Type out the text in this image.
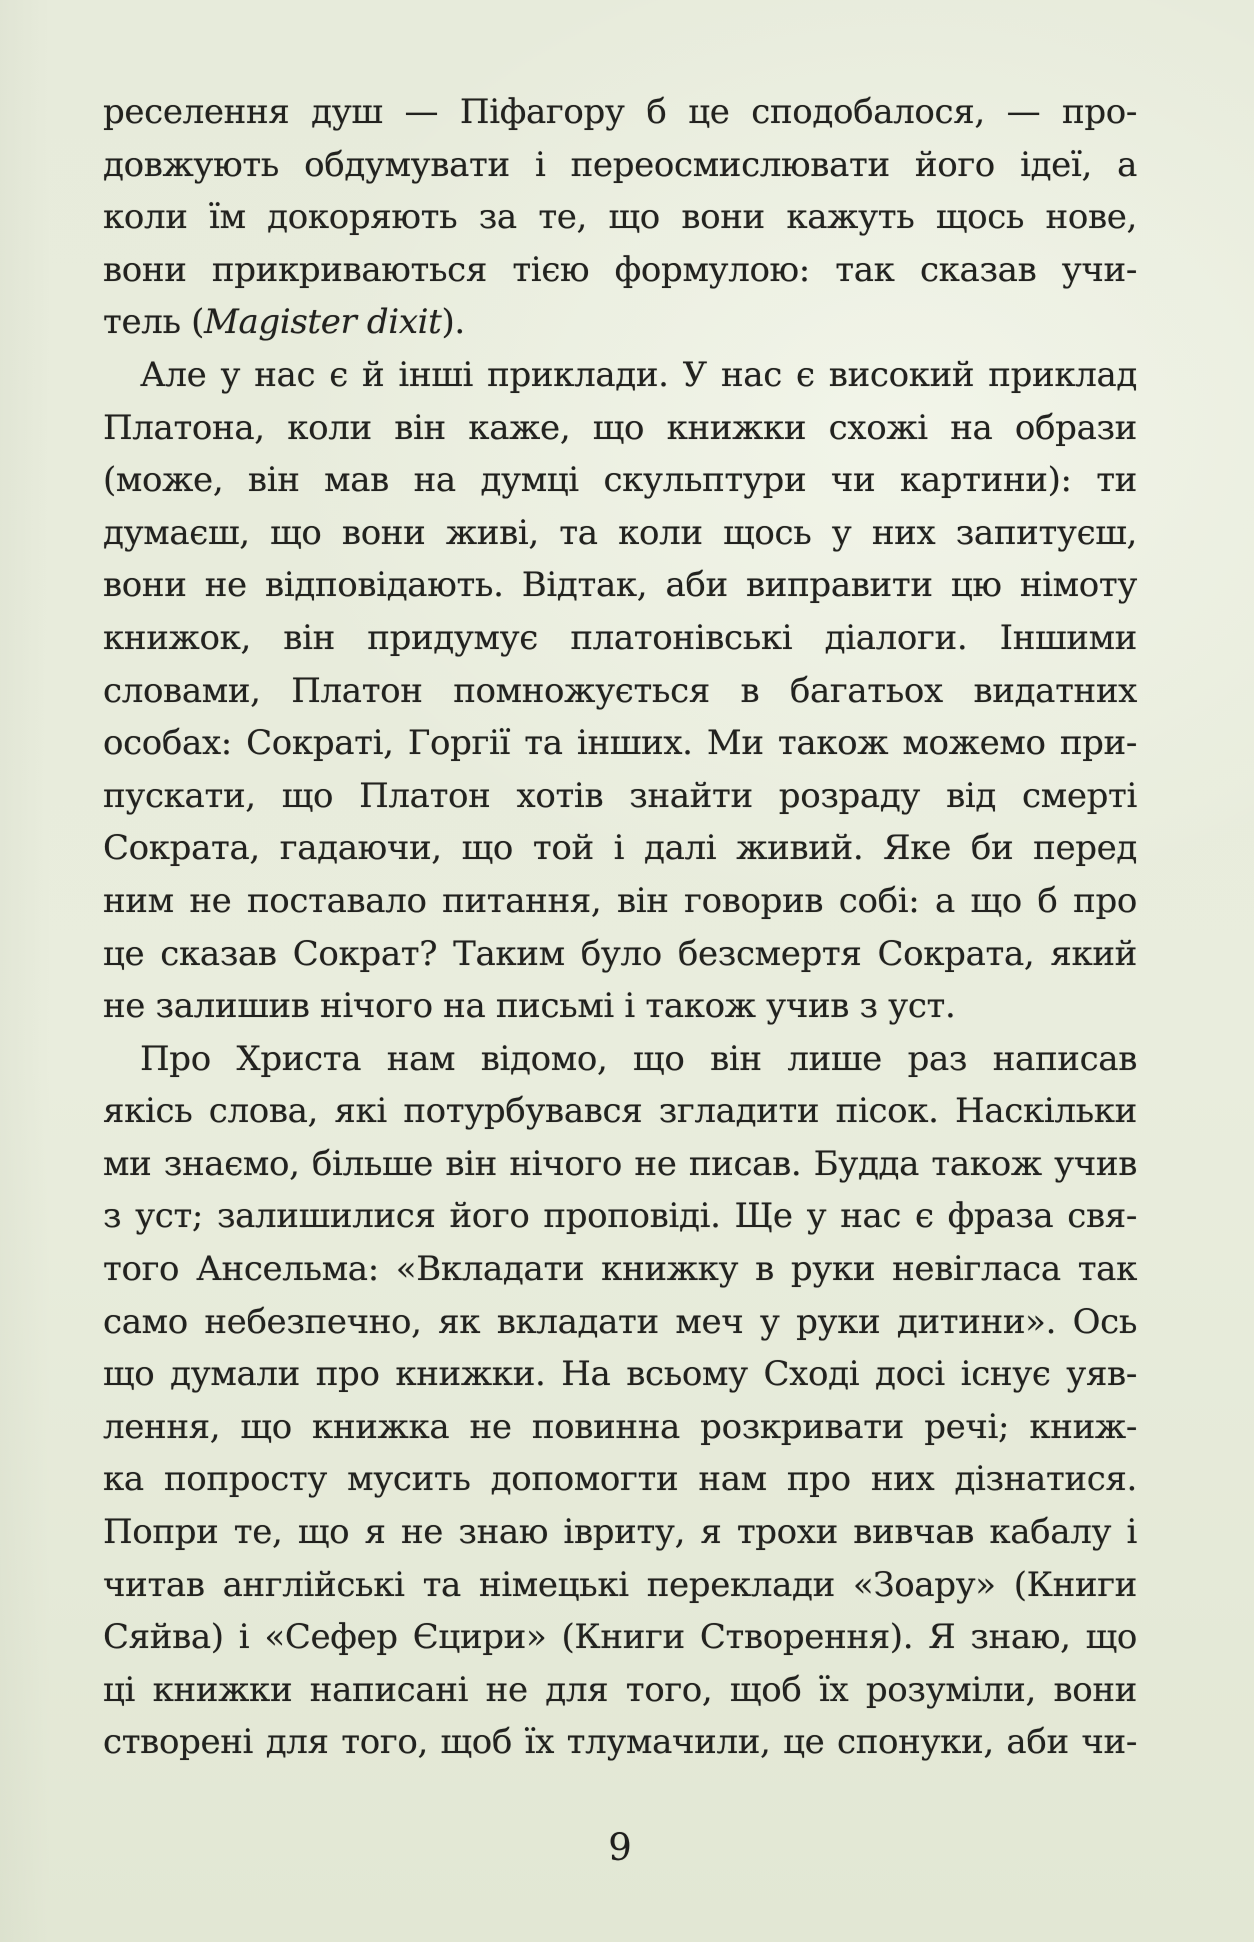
реселення душ — Піфагору б це сподобалося, — про-
довжують обдумувати і переосмислювати його ідеї, а
коли їм докоряють за те, що вони кажуть щось нове,
вони прикриваються тією формулою: так сказав учи-
тель (Magister dixit).
Але у нас є й інші приклади. У нас є високий приклад
Платона, коли він каже, що книжки схожі на образи
(може, він мав на думці скульптури чи картини): ти
думаєш, що вони живі, та коли щось у них запитуєш,
вони не відповідають. Відтак, аби виправити цю німоту
книжок, він придумує платонівські діалоги. Іншими
словами, Платон помножується в багатьох видатних
особах: Сократі, Горгії та інших. Ми також можемо при-
пускати, що Платон хотів знайти розраду від смерті
Сократа, гадаючи, що той і далі живий. Яке би перед
ним не поставало питання, він говорив собі: а що б про
це сказав Сократ? Таким було безсмертя Сократа, який
не залишив нічого на письмі і також учив з уст.
Про Христа нам відомо, що він лише раз написав
якісь слова, які потурбувався згладити пісок. Наскільки
ми знаємо, більше він нічого не писав. Будда також учив
з уст; залишилися його проповіді. Ще у нас є фраза свя-
того Ансельма: «Вкладати книжку в руки невігласа так
само небезпечно, як вкладати меч у руки дитини». Ось
що думали про книжки. На всьому Сході досі існує уяв-
лення, що книжка не повинна розкривати речі; книж-
ка попросту мусить допомогти нам про них дізнатися.
Попри те, що я не знаю івриту, я трохи вивчав кабалу і
читав англійські та німецькі переклади «Зоару» (Книги
Сяйва) і «Сефер Єцири» (Книги Створення). Я знаю, що
ці книжки написані не для того, щоб їх розуміли, вони
створені для того, щоб їх тлумачили, це спонуки, аби чи-
9
